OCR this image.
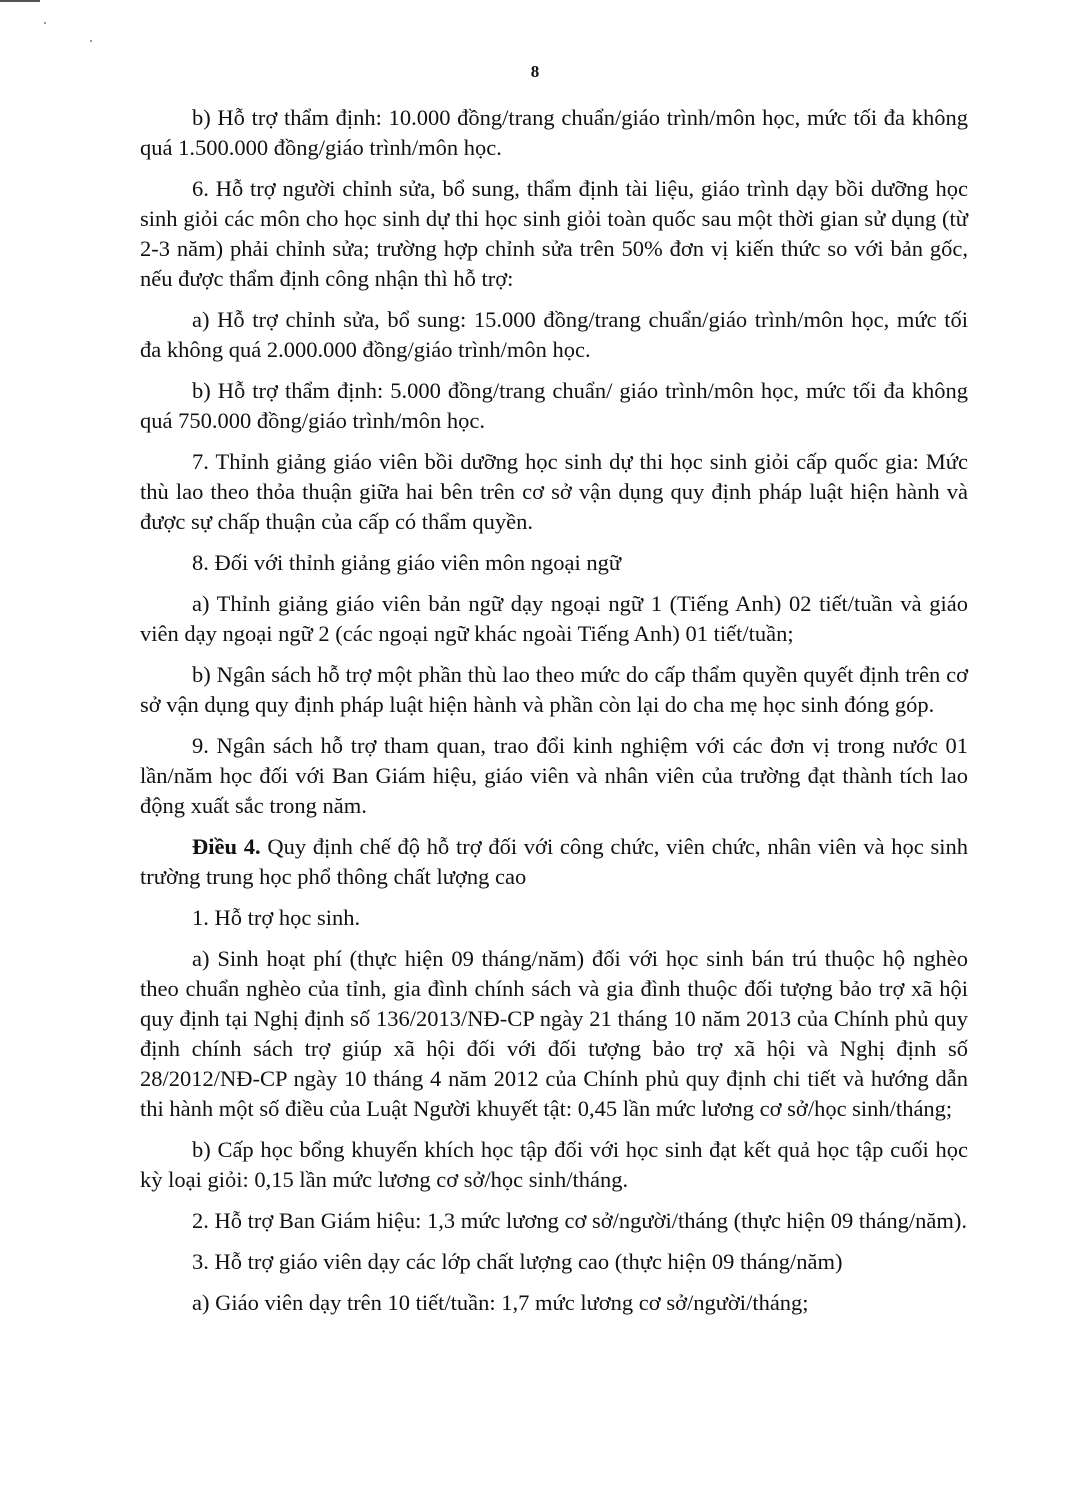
8

b) Hỗ trợ thẩm định: 10.000 đồng/trang chuẩn/giáo trình/môn học, mức tối đa không quá 1.500.000 đồng/giáo trình/môn học.

6. Hỗ trợ người chỉnh sửa, bổ sung, thẩm định tài liệu, giáo trình dạy bồi dưỡng học sinh giỏi các môn cho học sinh dự thi học sinh giỏi toàn quốc sau một thời gian sử dụng (từ 2-3 năm) phải chỉnh sửa; trường hợp chỉnh sửa trên 50% đơn vị kiến thức so với bản gốc, nếu được thẩm định công nhận thì hỗ trợ:

a) Hỗ trợ chỉnh sửa, bổ sung: 15.000 đồng/trang chuẩn/giáo trình/môn học, mức tối đa không quá 2.000.000 đồng/giáo trình/môn học.

b) Hỗ trợ thẩm định: 5.000 đồng/trang chuẩn/ giáo trình/môn học, mức tối đa không quá 750.000 đồng/giáo trình/môn học.

7. Thỉnh giảng giáo viên bồi dưỡng học sinh dự thi học sinh giỏi cấp quốc gia: Mức thù lao theo thỏa thuận giữa hai bên trên cơ sở vận dụng quy định pháp luật hiện hành và được sự chấp thuận của cấp có thẩm quyền.

8. Đối với thỉnh giảng giáo viên môn ngoại ngữ

a) Thỉnh giảng giáo viên bản ngữ dạy ngoại ngữ 1 (Tiếng Anh) 02 tiết/tuần và giáo viên dạy ngoại ngữ 2 (các ngoại ngữ khác ngoài Tiếng Anh) 01 tiết/tuần;

b) Ngân sách hỗ trợ một phần thù lao theo mức do cấp thẩm quyền quyết định trên cơ sở vận dụng quy định pháp luật hiện hành và phần còn lại do cha mẹ học sinh đóng góp.

9. Ngân sách hỗ trợ tham quan, trao đổi kinh nghiệm với các đơn vị trong nước 01 lần/năm học đối với Ban Giám hiệu, giáo viên và nhân viên của trường đạt thành tích lao động xuất sắc trong năm.

Điều 4. Quy định chế độ hỗ trợ đối với công chức, viên chức, nhân viên và học sinh trường trung học phổ thông chất lượng cao

1. Hỗ trợ học sinh.

a) Sinh hoạt phí (thực hiện 09 tháng/năm) đối với học sinh bán trú thuộc hộ nghèo theo chuẩn nghèo của tỉnh, gia đình chính sách và gia đình thuộc đối tượng bảo trợ xã hội quy định tại Nghị định số 136/2013/NĐ-CP ngày 21 tháng 10 năm 2013 của Chính phủ quy định chính sách trợ giúp xã hội đối với đối tượng bảo trợ xã hội và Nghị định số 28/2012/NĐ-CP ngày 10 tháng 4 năm 2012 của Chính phủ quy định chi tiết và hướng dẫn thi hành một số điều của Luật Người khuyết tật: 0,45 lần mức lương cơ sở/học sinh/tháng;

b) Cấp học bổng khuyến khích học tập đối với học sinh đạt kết quả học tập cuối học kỳ loại giỏi: 0,15 lần mức lương cơ sở/học sinh/tháng.

2. Hỗ trợ Ban Giám hiệu: 1,3 mức lương cơ sở/người/tháng (thực hiện 09 tháng/năm).

3. Hỗ trợ giáo viên dạy các lớp chất lượng cao (thực hiện 09 tháng/năm)

a) Giáo viên dạy trên 10 tiết/tuần: 1,7 mức lương cơ sở/người/tháng;
